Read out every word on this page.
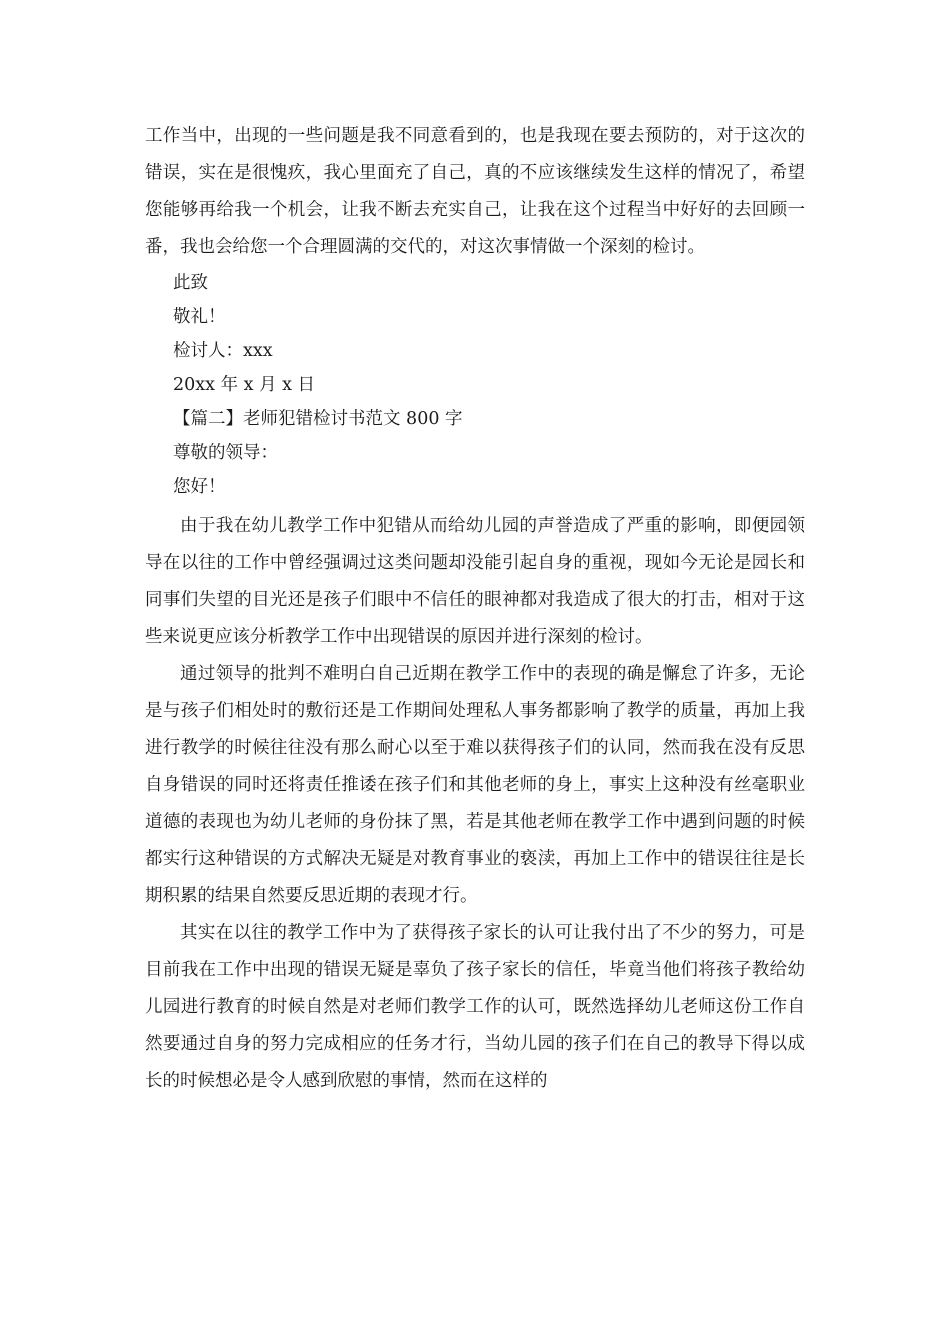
工作当中，出现的一些问题是我不同意看到的，也是我现在要去预防的，对于这次的错误，实在是很愧疚，我心里面充了自己，真的不应该继续发生这样的情况了，希望您能够再给我一个机会，让我不断去充实自己，让我在这个过程当中好好的去回顾一番，我也会给您一个合理圆满的交代的，对这次事情做一个深刻的检讨。

此致
敬礼！
检讨人：xxx
20xx 年 x 月 x 日
【篇二】老师犯错检讨书范文 800 字
尊敬的领导：
您好！

由于我在幼儿教学工作中犯错从而给幼儿园的声誉造成了严重的影响，即便园领导在以往的工作中曾经强调过这类问题却没能引起自身的重视，现如今无论是园长和同事们失望的目光还是孩子们眼中不信任的眼神都对我造成了很大的打击，相对于这些来说更应该分析教学工作中出现错误的原因并进行深刻的检讨。

通过领导的批判不难明白自己近期在教学工作中的表现的确是懈怠了许多，无论是与孩子们相处时的敷衍还是工作期间处理私人事务都影响了教学的质量，再加上我进行教学的时候往往没有那么耐心以至于难以获得孩子们的认同，然而我在没有反思自身错误的同时还将责任推诿在孩子们和其他老师的身上，事实上这种没有丝毫职业道德的表现也为幼儿老师的身份抹了黑，若是其他老师在教学工作中遇到问题的时候都实行这种错误的方式解决无疑是对教育事业的亵渎，再加上工作中的错误往往是长期积累的结果自然要反思近期的表现才行。

其实在以往的教学工作中为了获得孩子家长的认可让我付出了不少的努力，可是目前我在工作中出现的错误无疑是辜负了孩子家长的信任，毕竟当他们将孩子教给幼儿园进行教育的时候自然是对老师们教学工作的认可，既然选择幼儿老师这份工作自然要通过自身的努力完成相应的任务才行，当幼儿园的孩子们在自己的教导下得以成长的时候想必是令人感到欣慰的事情，然而在这样的
